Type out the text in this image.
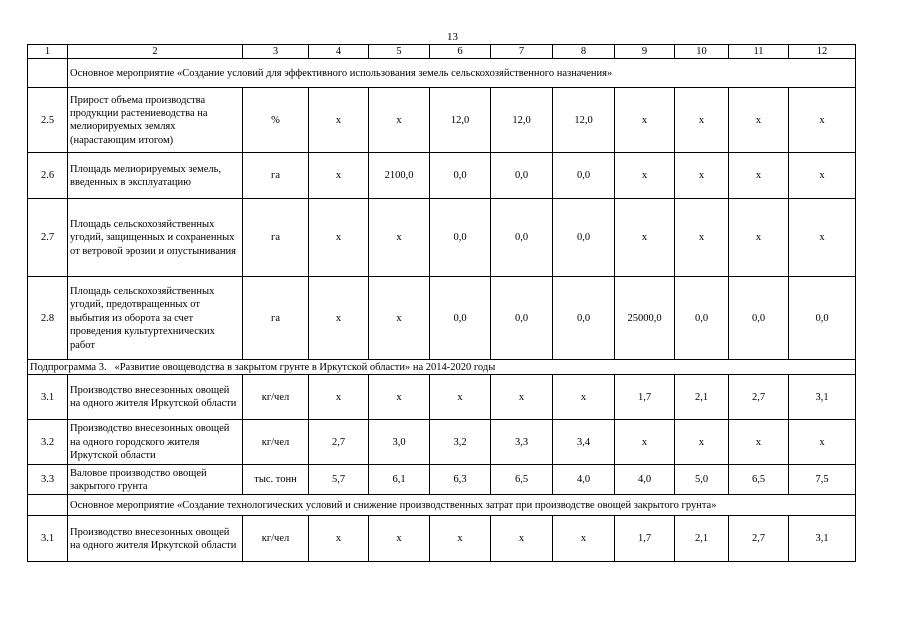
13
1	2	3	4	5	6	7	8	9	10	11	12
	Основное мероприятие «Создание условий для эффективного использования земель сельскохозяйственного назначения»										
2.5	Прирост объема производства продукции растениеводства на мелиорируемых землях (нарастающим итогом)	%	х	х	12,0	12,0	12,0	х	х	х	х
2.6	Площадь мелиорируемых земель, введенных в эксплуатацию	га	х	2100,0	0,0	0,0	0,0	х	х	х	х
2.7	Площадь сельскохозяйственных угодий, защищенных и сохраненных от ветровой эрозии и опустынивания	га	х	х	0,0	0,0	0,0	х	х	х	х
2.8	Площадь сельскохозяйственных угодий, предотвращенных от выбытия из оборота за счет проведения культуртехнических работ	га	х	х	0,0	0,0	0,0	25000,0	0,0	0,0	0,0
Подпрограмма 3.   «Развитие овощеводства в закрытом грунте в Иркутской области» на 2014-2020 годы											
3.1	Производство внесезонных овощей на одного жителя Иркутской области	кг/чел	х	х	х	х	х	1,7	2,1	2,7	3,1
3.2	Производство внесезонных овощей на одного городского жителя Иркутской области	кг/чел	2,7	3,0	3,2	3,3	3,4	х	х	х	х
3.3	Валовое производство овощей закрытого грунта	тыс. тонн	5,7	6,1	6,3	6,5	4,0	4,0	5,0	6,5	7,5
	Основное мероприятие «Создание технологических условий и снижение производственных затрат при производстве овощей закрытого грунта»										
3.1	Производство внесезонных овощей на одного жителя Иркутской области	кг/чел	х	х	х	х	х	1,7	2,1	2,7	3,1
